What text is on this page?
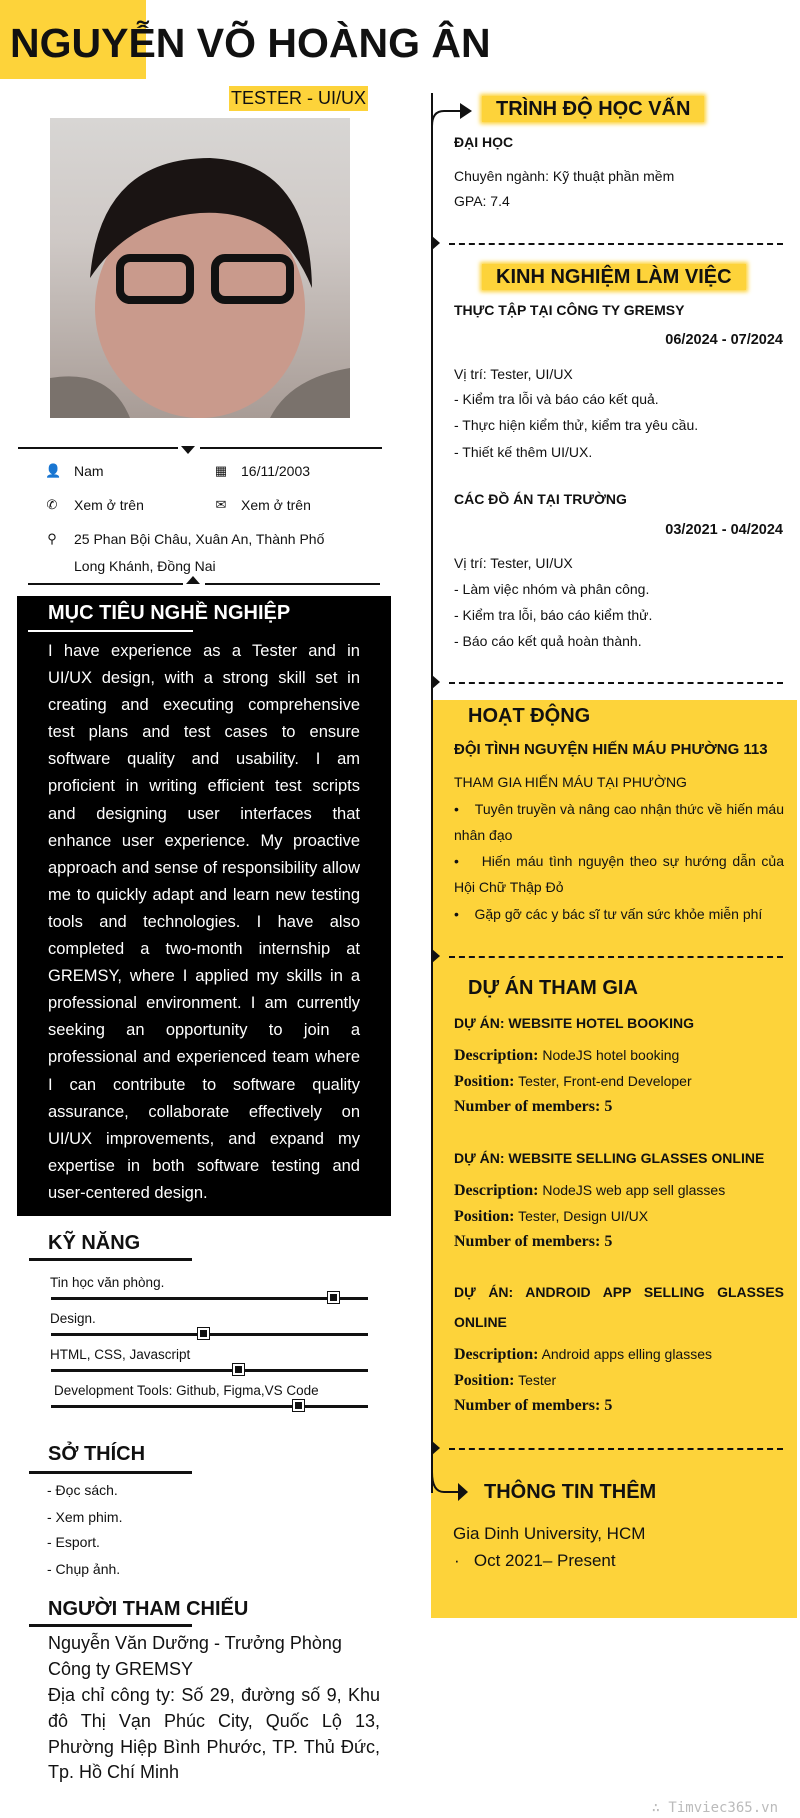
NGUYỄN VÕ HOÀNG ÂN
TESTER - UI/UX
👤 Nam	▦ 16/11/2003
✆ Xem ở trên	✉ Xem ở trên
⚲ 25 Phan Bội Châu, Xuân An, Thành Phố
Long Khánh, Đồng Nai
MỤC TIÊU NGHỀ NGHIỆP
I have experience as a Tester and in UI/UX design, with a strong skill set in creating and executing comprehensive test plans and test cases to ensure software quality and usability. I am proficient in writing efficient test scripts and designing user interfaces that enhance user experience. My proactive approach and sense of responsibility allow me to quickly adapt and learn new testing tools and technologies. I have also completed a two-month internship at GREMSY, where I applied my skills in a professional environment. I am currently seeking an opportunity to join a professional and experienced team where I can contribute to software quality assurance, collaborate effectively on UI/UX improvements, and expand my expertise in both software testing and user-centered design.
KỸ NĂNG
Tin học văn phòng.
Design.
HTML, CSS, Javascript
Development Tools: Github, Figma,VS Code
SỞ THÍCH
- Đọc sách.
- Xem phim.
- Esport.
- Chụp ảnh.
NGƯỜI THAM CHIẾU
Nguyễn Văn Dưỡng - Trưởng Phòng
Công ty GREMSY
Địa chỉ công ty: Số 29, đường số 9, Khu đô Thị Vạn Phúc City, Quốc Lộ 13, Phường Hiệp Bình Phước, TP. Thủ Đức, Tp. Hồ Chí Minh
TRÌNH ĐỘ HỌC VẤN
ĐẠI HỌC
Chuyên ngành: Kỹ thuật phần mềm
GPA: 7.4
KINH NGHIỆM LÀM VIỆC
THỰC TẬP TẠI CÔNG TY GREMSY
06/2024 - 07/2024
Vị trí: Tester, UI/UX
- Kiểm tra lỗi và báo cáo kết quả.
- Thực hiện kiểm thử, kiểm tra yêu cầu.
- Thiết kế thêm UI/UX.
CÁC ĐỒ ÁN TẠI TRƯỜNG
03/2021 - 04/2024
Vị trí: Tester, UI/UX
- Làm việc nhóm và phân công.
- Kiểm tra lỗi, báo cáo kiểm thử.
- Báo cáo kết quả hoàn thành.
HOẠT ĐỘNG
ĐỘI TÌNH NGUYỆN HIẾN MÁU PHƯỜNG 113
THAM GIA HIẾN MÁU TẠI PHƯỜNG
•    Tuyên truyền và nâng cao nhận thức về hiến máu nhân đạo
•    Hiến máu tình nguyện theo sự hướng dẫn của Hội Chữ Thập Đỏ
•    Gặp gỡ các y bác sĩ tư vấn sức khỏe miễn phí
DỰ ÁN THAM GIA
DỰ ÁN: WEBSITE HOTEL BOOKING
Description: NodeJS hotel booking
Position: Tester, Front-end Developer
Number of members: 5
DỰ ÁN: WEBSITE SELLING GLASSES ONLINE
Description: NodeJS web app sell glasses
Position: Tester, Design UI/UX
Number of members: 5
DỰ ÁN: ANDROID APP SELLING GLASSES ONLINE
Description: Android apps elling glasses
Position: Tester
Number of members: 5
THÔNG TIN THÊM
Gia Dinh University, HCM
·   Oct 2021– Present
∴ Timviec365.vn
